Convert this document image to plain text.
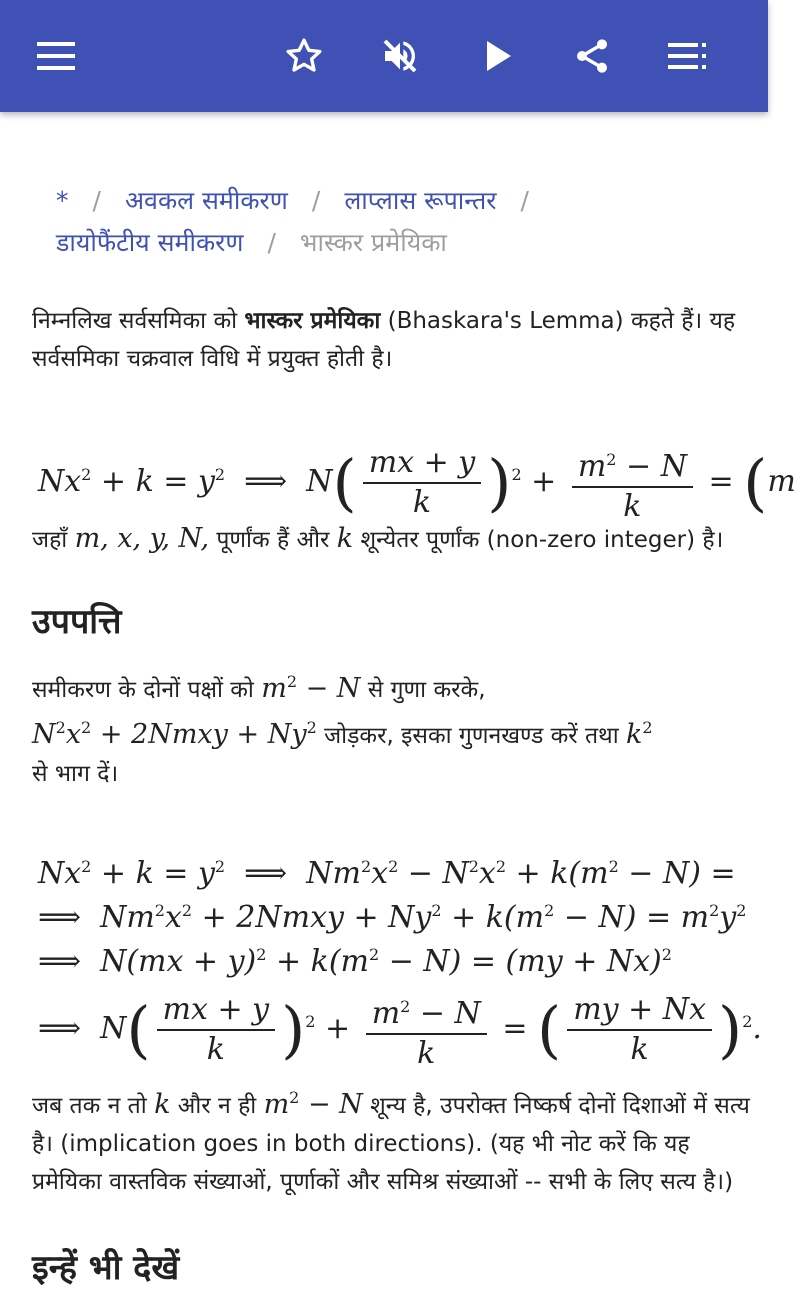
* / अवकल समीकरण / लाप्लास रूपान्तर /
डायोफैंटीय समीकरण / भास्कर प्रमेयिका

निम्नलिख सर्वसमिका को भास्कर प्रमेयिका (Bhaskara's Lemma) कहते हैं। यह सर्वसमिका चक्रवाल विधि में प्रयुक्त होती है।

$Nx^2 + k = y^2$  ⟹  $N( \frac{mx + y}{k} )^2 + \frac{m^2 - N}{k} = (m$

जहाँ m, x, y, N, पूर्णांक हैं और k शून्येतर पूर्णांक (non-zero integer) है।

उपपत्ति

समीकरण के दोनों पक्षों को $m^2 - N$ से गुणा करके,
$N^2x^2$ + 2Nmxy + $Ny^2$ जोड़कर, इसका गुणनखण्ड करें तथा $k^2$
से भाग दें।

$Nx^2 + k = y^2$  ⟹  $Nm^2x^2 - N^2x^2 + k(m^2 - N)$ =
⟹  $Nm^2x^2$ + 2Nmxy + $Ny^2 + k(m^2 - N) = m^2y^2$
⟹  $N(mx + y)^2 + k(m^2 - N) = (my + Nx)^2$
⟹  $N( \frac{mx + y}{k} )^2 + \frac{m^2 - N}{k}$ = ( $\frac{my + Nx}{k} )^2$.

जब तक न तो k और न ही $m^2 - N$ शून्य है, उपरोक्त निष्कर्ष दोनों दिशाओं में सत्य है। (implication goes in both directions). (यह भी नोट करें कि यह प्रमेयिका वास्तविक संख्याओं, पूर्णाकों और समिश्र संख्याओं -- सभी के लिए सत्य है।)

इन्हें भी देखें
